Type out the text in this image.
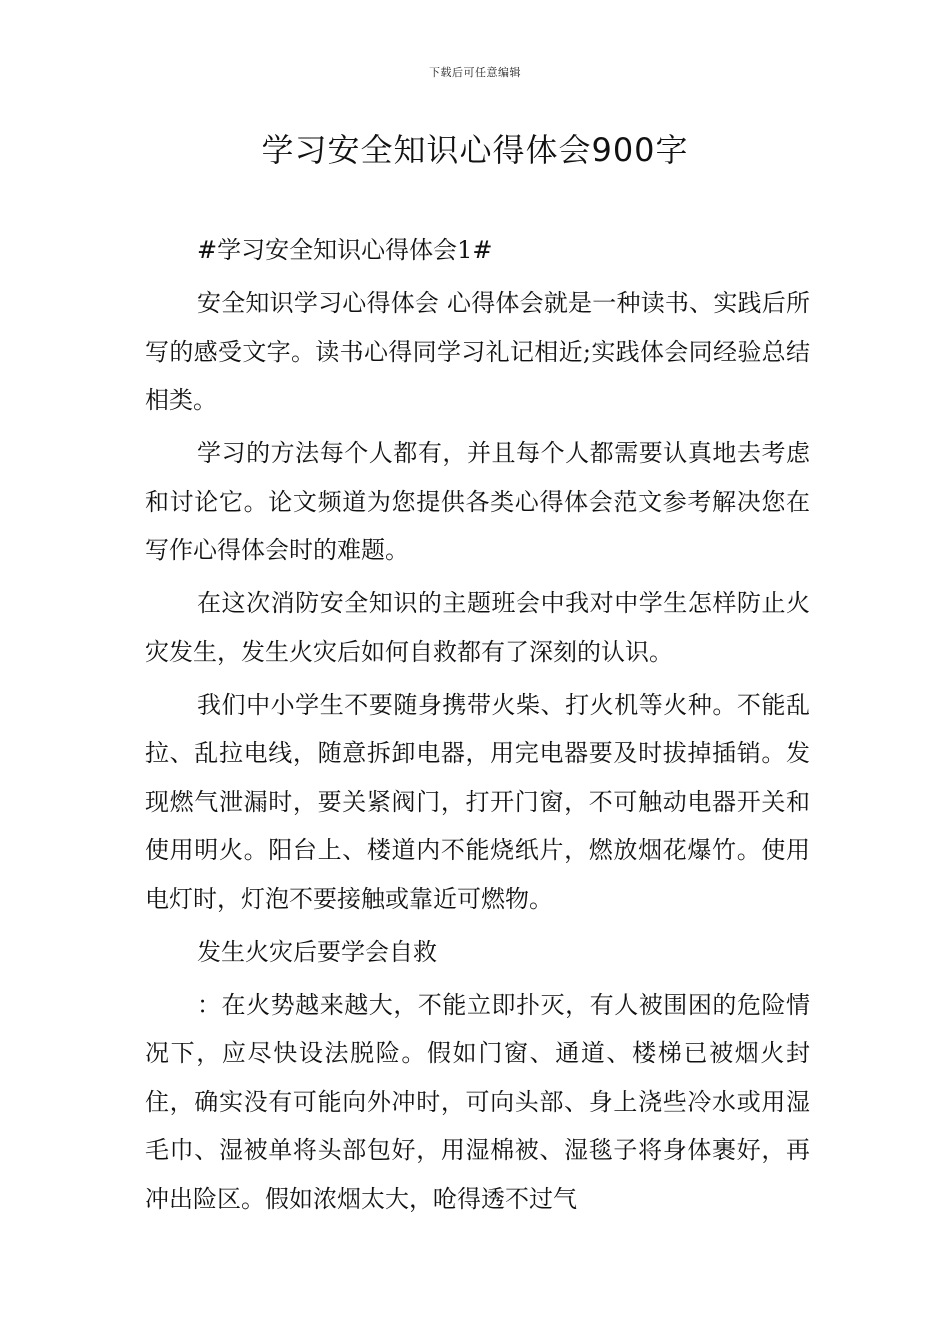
下载后可任意编辑
学习安全知识心得体会900字

#学习安全知识心得体会1#

安全知识学习心得体会 心得体会就是一种读书、实践后所写的感受文字。读书心得同学习礼记相近;实践体会同经验总结相类。

学习的方法每个人都有，并且每个人都需要认真地去考虑和讨论它。论文频道为您提供各类心得体会范文参考解决您在写作心得体会时的难题。

在这次消防安全知识的主题班会中我对中学生怎样防止火灾发生，发生火灾后如何自救都有了深刻的认识。

我们中小学生不要随身携带火柴、打火机等火种。不能乱拉、乱拉电线，随意拆卸电器，用完电器要及时拔掉插销。发现燃气泄漏时，要关紧阀门，打开门窗，不可触动电器开关和使用明火。阳台上、楼道内不能烧纸片，燃放烟花爆竹。使用电灯时，灯泡不要接触或靠近可燃物。

发生火灾后要学会自救

：在火势越来越大，不能立即扑灭，有人被围困的危险情况下，应尽快设法脱险。假如门窗、通道、楼梯已被烟火封住，确实没有可能向外冲时，可向头部、身上浇些冷水或用湿毛巾、湿被单将头部包好，用湿棉被、湿毯子将身体裹好，再冲出险区。假如浓烟太大，呛得透不过气
